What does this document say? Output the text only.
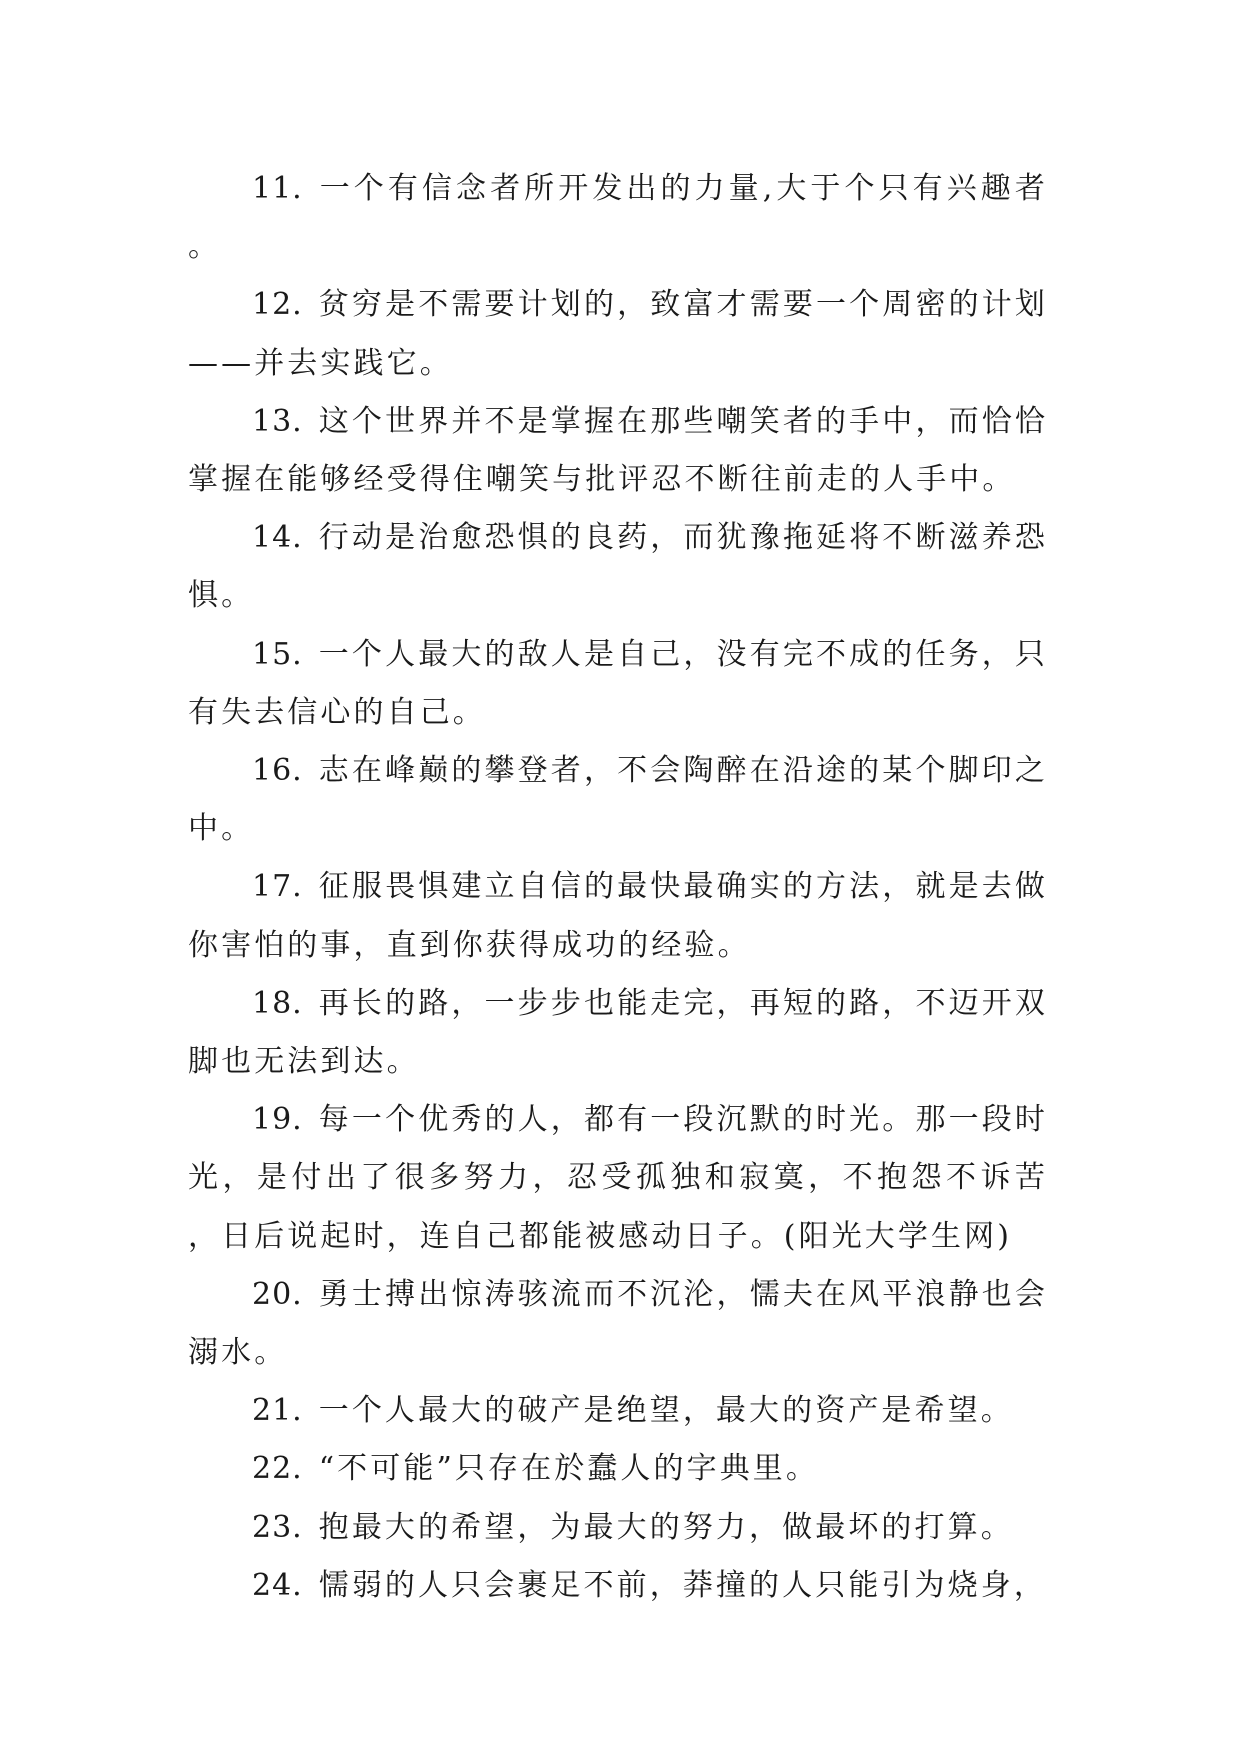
11. 一个有信念者所开发出的力量,大于个只有兴趣者。

12. 贫穷是不需要计划的，致富才需要一个周密的计划——并去实践它。

13. 这个世界并不是掌握在那些嘲笑者的手中，而恰恰掌握在能够经受得住嘲笑与批评忍不断往前走的人手中。

14. 行动是治愈恐惧的良药，而犹豫拖延将不断滋养恐惧。

15. 一个人最大的敌人是自己，没有完不成的任务，只有失去信心的自己。

16. 志在峰巅的攀登者，不会陶醉在沿途的某个脚印之中。

17. 征服畏惧建立自信的最快最确实的方法，就是去做你害怕的事，直到你获得成功的经验。

18. 再长的路，一步步也能走完，再短的路，不迈开双脚也无法到达。

19. 每一个优秀的人，都有一段沉默的时光。那一段时光，是付出了很多努力，忍受孤独和寂寞，不抱怨不诉苦，日后说起时，连自己都能被感动日子。(阳光大学生网)

20. 勇士搏出惊涛骇流而不沉沦，懦夫在风平浪静也会溺水。

21. 一个人最大的破产是绝望，最大的资产是希望。

22. “不可能”只存在於蠢人的字典里。

23. 抱最大的希望，为最大的努力，做最坏的打算。

24. 懦弱的人只会裹足不前，莽撞的人只能引为烧身，
